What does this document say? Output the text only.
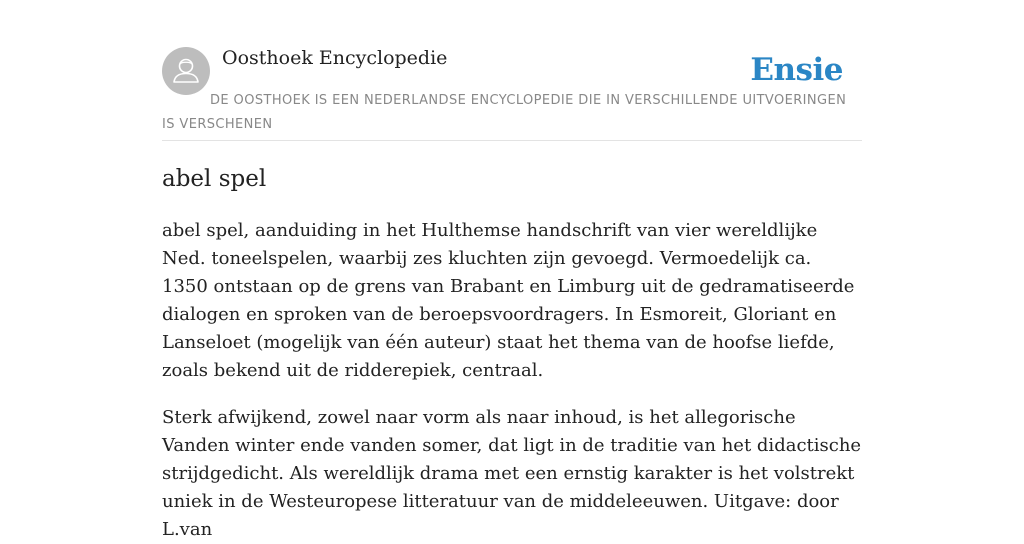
Oosthoek Encyclopedie	Ensie
DE OOSTHOEK IS EEN NEDERLANDSE ENCYCLOPEDIE DIE IN VERSCHILLENDE UITVOERINGEN IS VERSCHENEN
abel spel

abel spel, aanduiding in het Hulthemse handschrift van vier wereldlijke Ned. toneelspelen, waarbij zes kluchten zijn gevoegd. Vermoedelijk ca. 1350 ontstaan op de grens van Brabant en Limburg uit de gedramatiseerde dialogen en sproken van de beroepsvoordragers. In Esmoreit, Gloriant en Lanseloet (mogelijk van één auteur) staat het thema van de hoofse liefde, zoals bekend uit de ridderepiek, centraal.

Sterk afwijkend, zowel naar vorm als naar inhoud, is het allegorische Vanden winter ende vanden somer, dat ligt in de traditie van het didactische strijdgedicht. Als wereldlijk drama met een ernstig karakter is het volstrekt uniek in de Westeuropese litteratuur van de middeleeuwen. Uitgave: door L.van
